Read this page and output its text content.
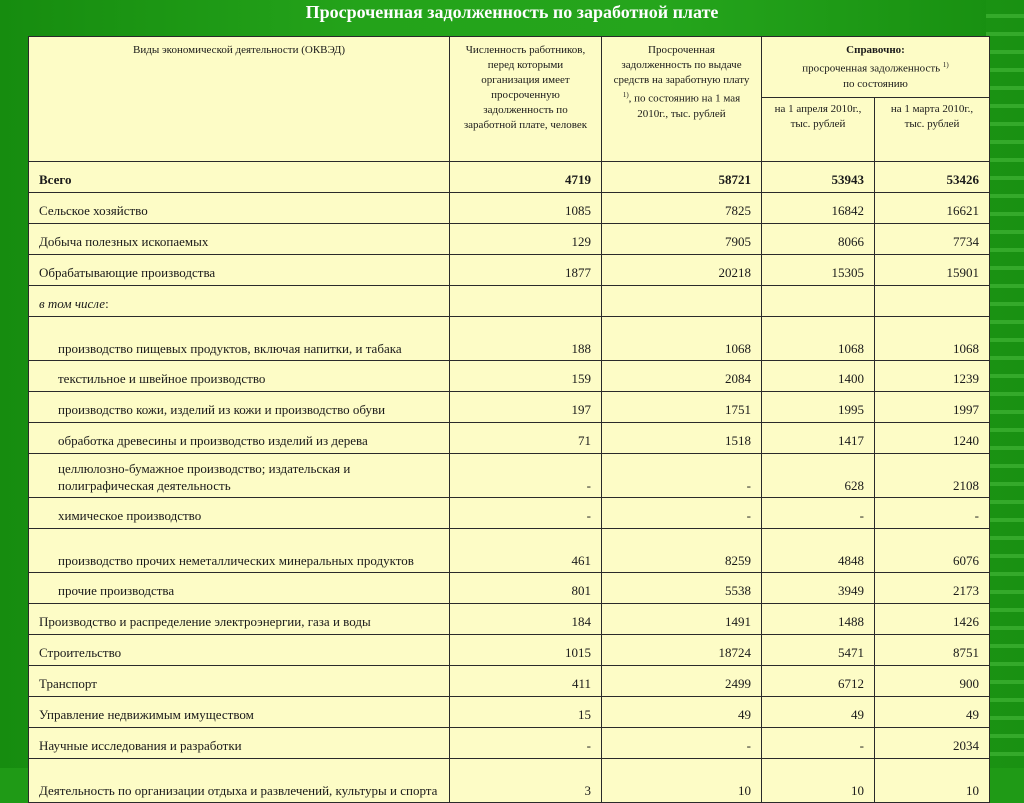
Просроченная задолженность по заработной плате
Виды экономической деятельности (ОКВЭД)	Численность работников, перед которыми организация имеет просроченную задолженность по заработной плате, человек	Просроченная задолженность по выдаче средств на заработную плату $^{1)}$, по состоянию на 1 мая 2010г., тыс. рублей	Справочно:
просроченная задолженность $^{1)}$
по состоянию	
			на 1 апреля 2010г., тыс. рублей	на 1 марта 2010г., тыс. рублей
Всего	4719	58721	53943	53426
Сельское хозяйство	1085	7825	16842	16621
Добыча полезных ископаемых	129	7905	8066	7734
Обрабатывающие производства	1877	20218	15305	15901
в том числе:				
производство пищевых продуктов, включая напитки, и табака	188	1068	1068	1068
текстильное и швейное производство	159	2084	1400	1239
производство кожи, изделий из кожи и производство обуви	197	1751	1995	1997
обработка древесины и производство изделий из дерева	71	1518	1417	1240
целлюлозно-бумажное производство; издательская и полиграфическая деятельность	-	-	628	2108
химическое производство	-	-	-	-
производство прочих неметаллических минеральных продуктов	461	8259	4848	6076
прочие производства	801	5538	3949	2173
Производство и распределение электроэнергии, газа и воды	184	1491	1488	1426
Строительство	1015	18724	5471	8751
Транспорт	411	2499	6712	900
Управление недвижимым имуществом	15	49	49	49
Научные исследования и разработки	-	-	-	2034
Деятельность по организации отдыха и развлечений, культуры и спорта	3	10	10	10
